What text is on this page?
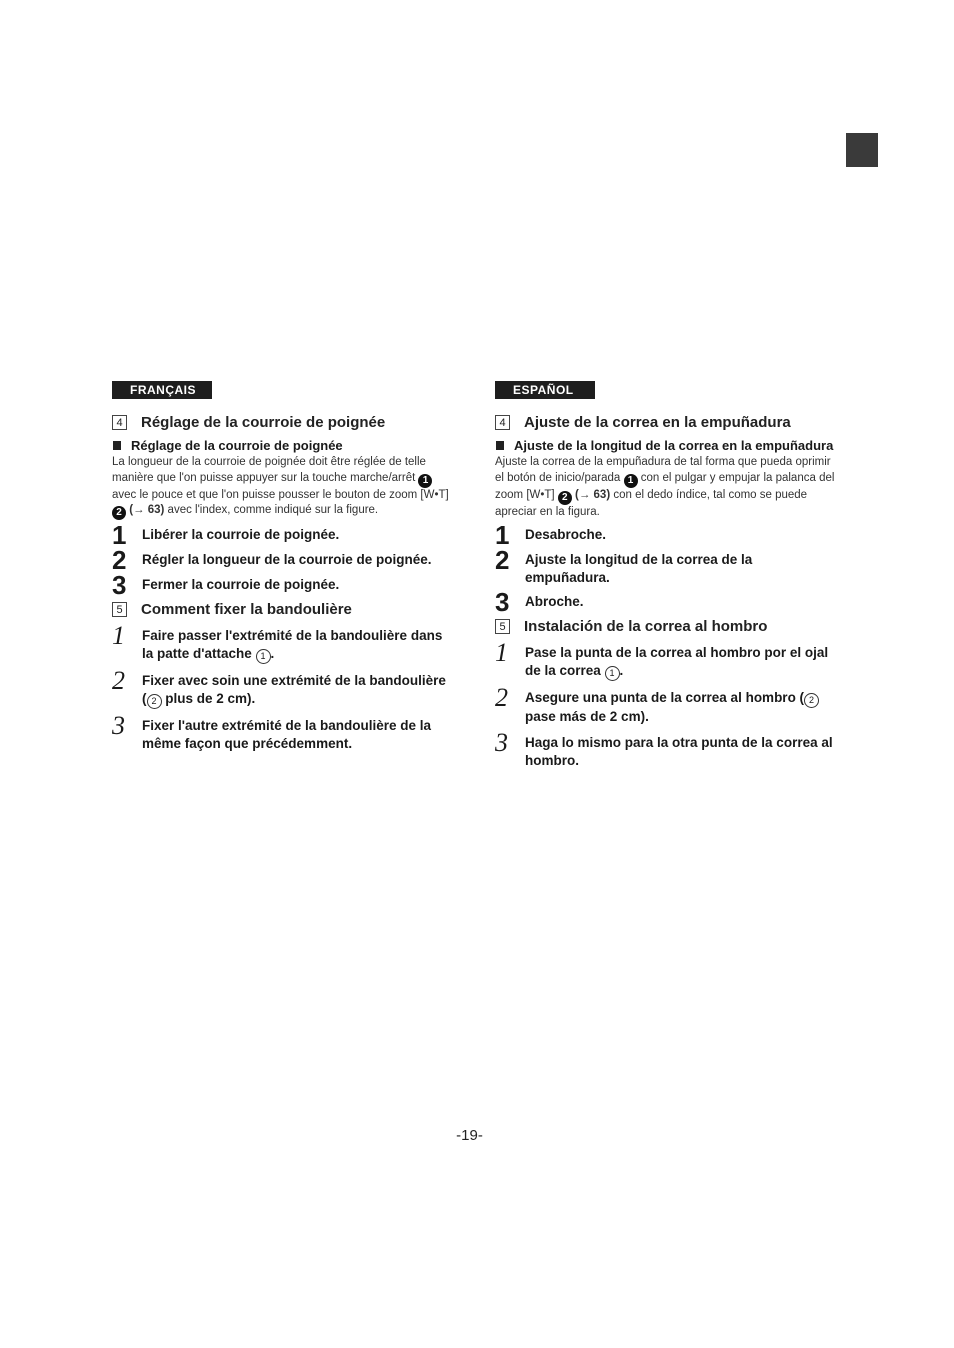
FRANÇAIS
4 Réglage de la courroie de poignée
Réglage de la courroie de poignée
La longueur de la courroie de poignée doit être réglée de telle manière que l'on puisse appuyer sur la touche marche/arrêt 1 avec le pouce et que l'on puisse pousser le bouton de zoom [W•T] 2 (→ 63) avec l'index, comme indiqué sur la figure.
1	Libérer la courroie de poignée.
2	Régler la longueur de la courroie de poignée.
3	Fermer la courroie de poignée.
5 Comment fixer la bandoulière
1	Faire passer l'extrémité de la bandoulière dans la patte d'attache 1 .
2	Fixer avec soin une extrémité de la bandoulière ( 2 plus de 2 cm).
3	Fixer l'autre extrémité de la bandoulière de la même façon que précédemment.
ESPAÑOL
4 Ajuste de la correa en la empuñadura
Ajuste de la longitud de la correa en la empuñadura
Ajuste la correa de la empuñadura de tal forma que pueda oprimir el botón de inicio/parada 1 con el pulgar y empujar la palanca del zoom [W•T] 2 (→ 63) con el dedo índice, tal como se puede apreciar en la figura.
1	Desabroche.
2	Ajuste la longitud de la correa de la empuñadura.
3	Abroche.
5 Instalación de la correa al hombro
1	Pase la punta de la correa al hombro por el ojal de la correa 1 .
2	Asegure una punta de la correa al hombro ( 2 pase más de 2 cm).
3	Haga lo mismo para la otra punta de la correa al hombro.
-19-
